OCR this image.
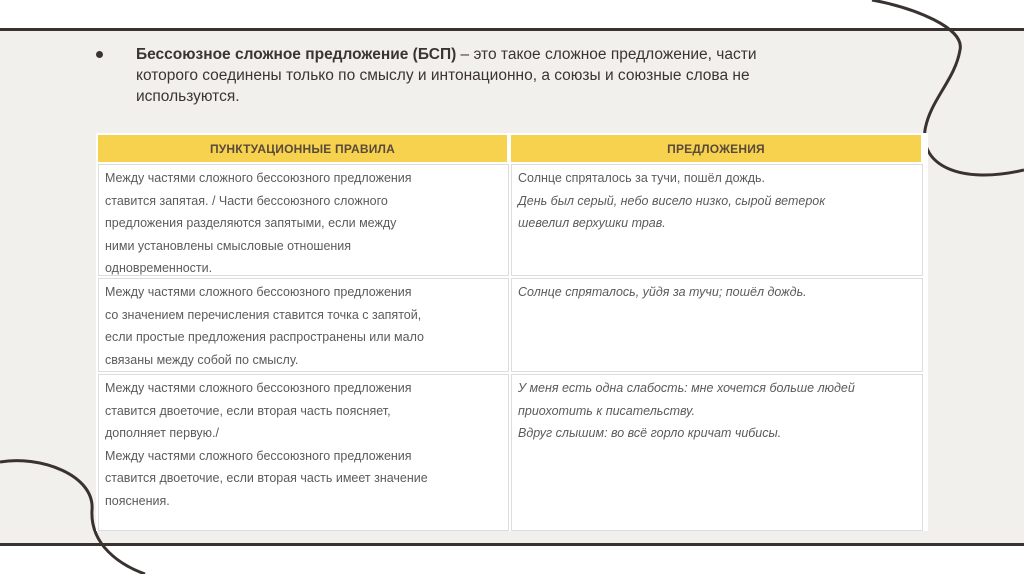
Бессоюзное сложное предложение (БСП) – это такое сложное предложение, части
которого соединены только по смыслу и интонационно, а союзы и союзные слова не
используются.
ПУНКТУАЦИОННЫЕ ПРАВИЛА	ПРЕДЛОЖЕНИЯ
Между частями сложного бессоюзного предложения
ставится запятая. / Части бессоюзного сложного
предложения разделяются запятыми, если между
ними установлены смысловые отношения
одновременности.
Солнце спряталось за тучи, пошёл дождь.
День был серый, небо висело низко, сырой ветерок
шевелил верхушки трав.
Между частями сложного бессоюзного предложения
со значением перечисления ставится точка с запятой,
если простые предложения распространены или мало
связаны между собой по смыслу.
Солнце спряталось, уйдя за тучи; пошёл дождь.
Между частями сложного бессоюзного предложения
ставится двоеточие, если вторая часть поясняет,
дополняет первую./
Между частями сложного бессоюзного предложения
ставится двоеточие, если вторая часть имеет значение
пояснения.
У меня есть одна слабость: мне хочется больше людей
приохотить к писательству.
Вдруг слышим: во всё горло кричат чибисы.
